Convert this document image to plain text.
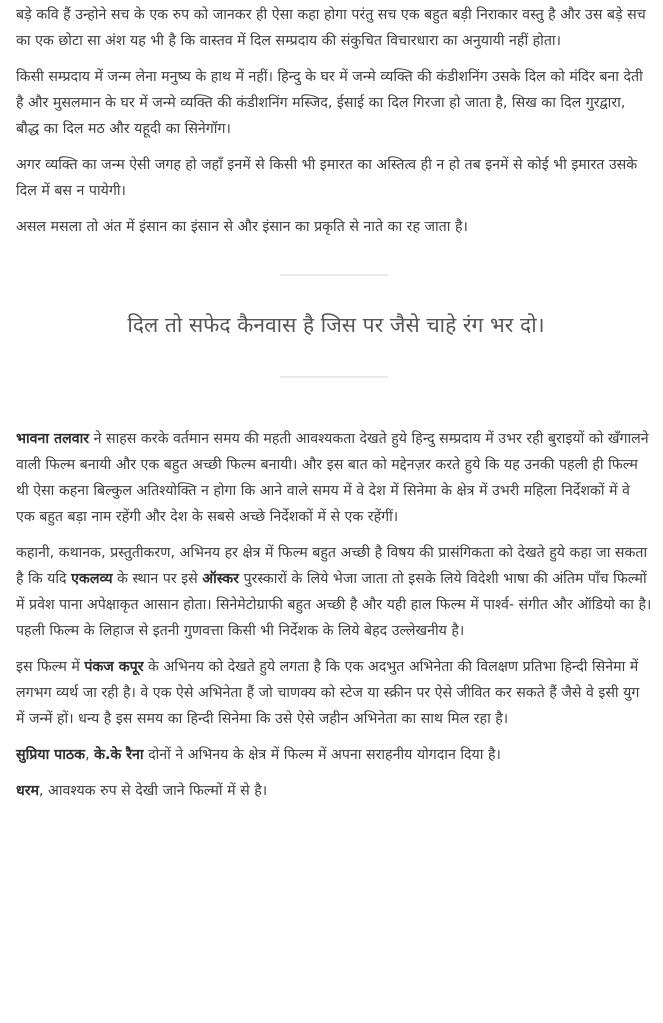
बड़े कवि हैं उन्होने सच के एक रुप को जानकर ही ऐसा कहा होगा परंतु सच एक बहुत बड़ी निराकार वस्तु है और उस बड़े सच का एक छोटा सा अंश यह भी है कि वास्तव में दिल सम्प्रदाय की संकुचित विचारधारा का अनुयायी नहीं होता।

किसी सम्प्रदाय में जन्म लेना मनुष्य के हाथ में नहीं। हिन्दु के घर में जन्मे व्यक्ति की कंडीशनिंग उसके दिल को मंदिर बना देती है और मुसलमान के घर में जन्मे व्यक्ति की कंडीशनिंग मस्जिद, ईसाई का दिल गिरजा हो जाता है, सिख का दिल गुरद्वारा, बौद्ध का दिल मठ और यहूदी का सिनेगॉग।

अगर व्यक्ति का जन्म ऐसी जगह हो जहाँ इनमें से किसी भी इमारत का अस्तित्व ही न हो तब इनमें से कोई भी इमारत उसके दिल में बस न पायेगी।

असल मसला तो अंत में इंसान का इंसान से और इंसान का प्रकृति से नाते का रह जाता है।

दिल तो सफेद कैनवास है जिस पर जैसे चाहे रंग भर दो।

भावना तलवार ने साहस करके वर्तमान समय की महती आवश्यकता देखते हुये हिन्दु सम्प्रदाय में उभर रही बुराइयों को खँगालने वाली फिल्म बनायी और एक बहुत अच्छी फिल्म बनायी। और इस बात को मद्देनज़र करते हुये कि यह उनकी पहली ही फिल्म थी ऐसा कहना बिल्कुल अतिश्योक्ति न होगा कि आने वाले समय में वे देश में सिनेमा के क्षेत्र में उभरी महिला निर्देशकों में वे एक बहुत बड़ा नाम रहेंगी और देश के सबसे अच्छे निर्देशकों में से एक रहेंगीं।

कहानी, कथानक, प्रस्तुतीकरण, अभिनय हर क्षेत्र में फिल्म बहुत अच्छी है विषय की प्रासंगिकता को देखते हुये कहा जा सकता है कि यदि एकलव्य के स्थान पर इसे ऑस्कर पुरस्कारों के लिये भेजा जाता तो इसके लिये विदेशी भाषा की अंतिम पाँच फिल्मों में प्रवेश पाना अपेक्षाकृत आसान होता। सिनेमेटोग्राफी बहुत अच्छी है और यही हाल फिल्म में पार्श्व- संगीत और ऑडियो का है। पहली फिल्म के लिहाज से इतनी गुणवत्ता किसी भी निर्देशक के लिये बेहद उल्लेखनीय है।

इस फिल्म में पंकज कपूर के अभिनय को देखते हुये लगता है कि एक अदभुत अभिनेता की विलक्षण प्रतिभा हिन्दी सिनेमा में लगभग व्यर्थ जा रही है। वे एक ऐसे अभिनेता हैं जो चाणक्य को स्टेज या स्क्रीन पर ऐसे जीवित कर सकते हैं जैसे वे इसी युग में जन्में हों। धन्य है इस समय का हिन्दी सिनेमा कि उसे ऐसे जहीन अभिनेता का साथ मिल रहा है।

सुप्रिया पाठक, के.के रैना दोनों ने अभिनय के क्षेत्र में फिल्म में अपना सराहनीय योगदान दिया है।

धरम, आवश्यक रुप से देखी जाने फिल्मों में से है।
